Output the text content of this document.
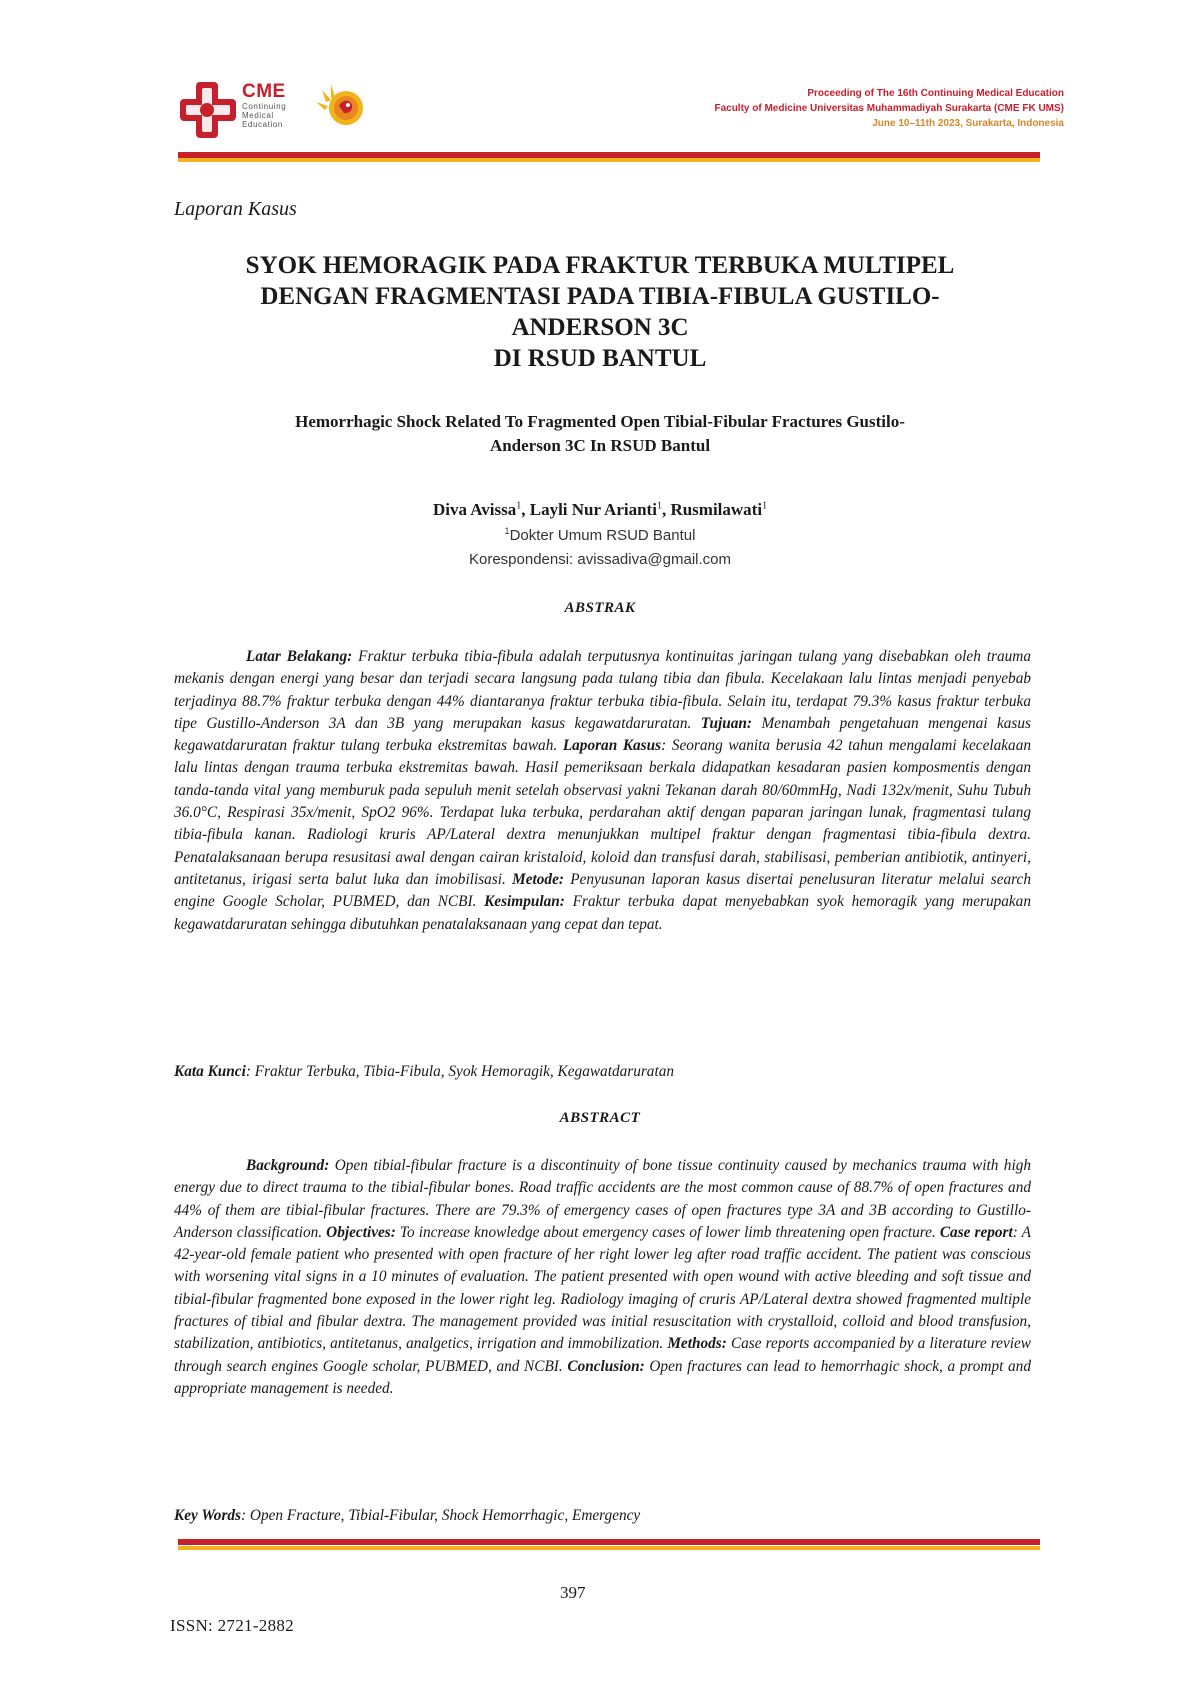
CME
Continuing
Medical
Education
Proceeding of The 16th Continuing Medical Education
Faculty of Medicine Universitas Muhammadiyah Surakarta (CME FK UMS)
June 10–11th 2023, Surakarta, Indonesia
Laporan Kasus
SYOK HEMORAGIK PADA FRAKTUR TERBUKA MULTIPEL
DENGAN FRAGMENTASI PADA TIBIA-FIBULA GUSTILO-
ANDERSON 3C
DI RSUD BANTUL
Hemorrhagic Shock Related To Fragmented Open Tibial-Fibular Fractures Gustilo-
Anderson 3C In RSUD Bantul
Diva Avissa$^1$, Layli Nur Arianti$^1$, Rusmilawati$^1$
$^1$Dokter Umum RSUD Bantul
Korespondensi: avissadiva@gmail.com
ABSTRAK

Latar Belakang: Fraktur terbuka tibia-fibula adalah terputusnya kontinuitas jaringan tulang yang disebabkan oleh trauma mekanis dengan energi yang besar dan terjadi secara langsung pada tulang tibia dan fibula. Kecelakaan lalu lintas menjadi penyebab terjadinya 88.7% fraktur terbuka dengan 44% diantaranya fraktur terbuka tibia-fibula. Selain itu, terdapat 79.3% kasus fraktur terbuka tipe Gustillo-Anderson 3A dan 3B yang merupakan kasus kegawatdaruratan. Tujuan: Menambah pengetahuan mengenai kasus kegawatdaruratan fraktur tulang terbuka ekstremitas bawah. Laporan Kasus: Seorang wanita berusia 42 tahun mengalami kecelakaan lalu lintas dengan trauma terbuka ekstremitas bawah. Hasil pemeriksaan berkala didapatkan kesadaran pasien komposmentis dengan tanda-tanda vital yang memburuk pada sepuluh menit setelah observasi yakni Tekanan darah 80/60mmHg, Nadi 132x/menit, Suhu Tubuh 36.0°C, Respirasi 35x/menit, SpO2 96%. Terdapat luka terbuka, perdarahan aktif dengan paparan jaringan lunak, fragmentasi tulang tibia-fibula kanan. Radiologi kruris AP/Lateral dextra menunjukkan multipel fraktur dengan fragmentasi tibia-fibula dextra. Penatalaksanaan berupa resusitasi awal dengan cairan kristaloid, koloid dan transfusi darah, stabilisasi, pemberian antibiotik, antinyeri, antitetanus, irigasi serta balut luka dan imobilisasi. Metode: Penyusunan laporan kasus disertai penelusuran literatur melalui search engine Google Scholar, PUBMED, dan NCBI. Kesimpulan: Fraktur terbuka dapat menyebabkan syok hemoragik yang merupakan kegawatdaruratan sehingga dibutuhkan penatalaksanaan yang cepat dan tepat.

Kata Kunci: Fraktur Terbuka, Tibia-Fibula, Syok Hemoragik, Kegawatdaruratan
ABSTRACT

Background: Open tibial-fibular fracture is a discontinuity of bone tissue continuity caused by mechanics trauma with high energy due to direct trauma to the tibial-fibular bones. Road traffic accidents are the most common cause of 88.7% of open fractures and 44% of them are tibial-fibular fractures. There are 79.3% of emergency cases of open fractures type 3A and 3B according to Gustillo-Anderson classification. Objectives: To increase knowledge about emergency cases of lower limb threatening open fracture. Case report: A 42-year-old female patient who presented with open fracture of her right lower leg after road traffic accident. The patient was conscious with worsening vital signs in a 10 minutes of evaluation. The patient presented with open wound with active bleeding and soft tissue and tibial-fibular fragmented bone exposed in the lower right leg. Radiology imaging of cruris AP/Lateral dextra showed fragmented multiple fractures of tibial and fibular dextra. The management provided was initial resuscitation with crystalloid, colloid and blood transfusion, stabilization, antibiotics, antitetanus, analgetics, irrigation and immobilization. Methods: Case reports accompanied by a literature review through search engines Google scholar, PUBMED, and NCBI. Conclusion: Open fractures can lead to hemorrhagic shock, a prompt and appropriate management is needed.

Key Words: Open Fracture, Tibial-Fibular, Shock Hemorrhagic, Emergency
397
ISSN: 2721-2882
